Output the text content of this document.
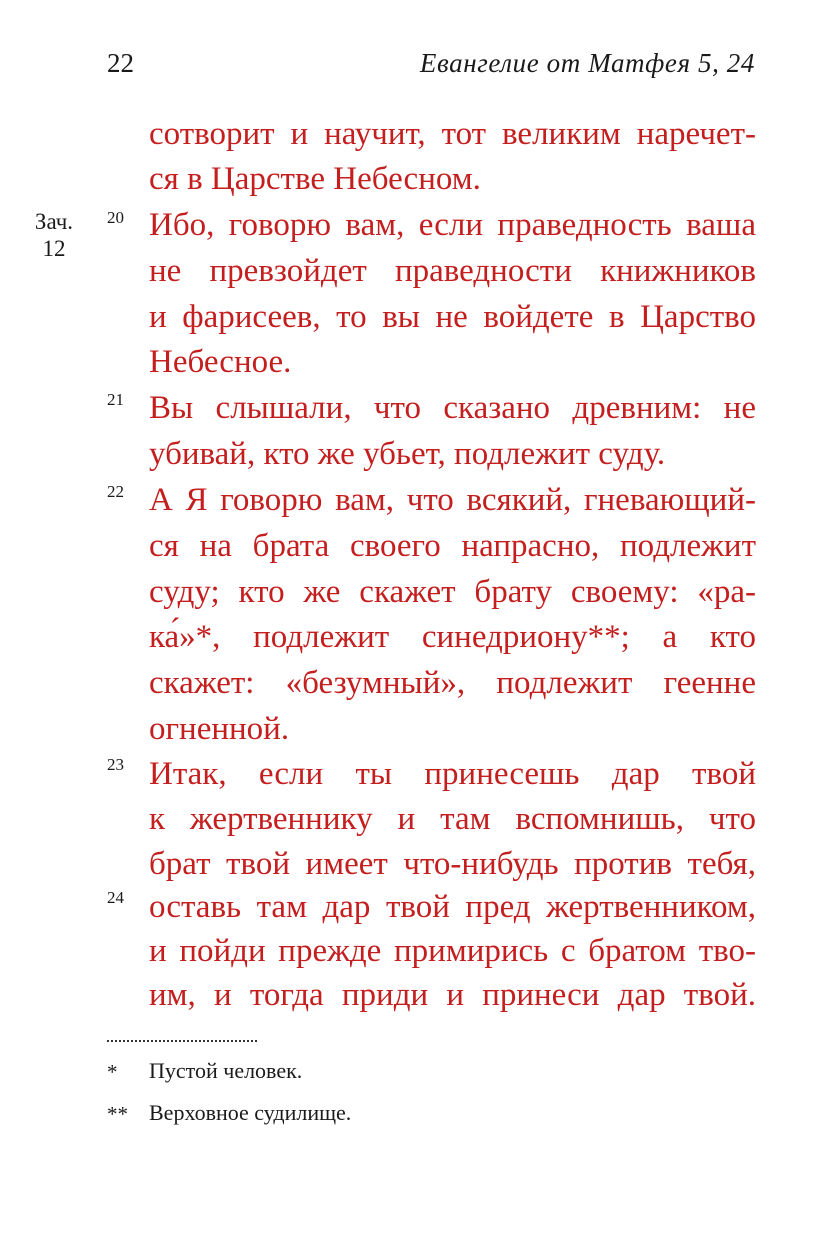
22	Евангелие от Матфея 5, 24
Зач.
12
20
21
22
23
24
сотворит и научит, тот великим наречет-
ся в Царстве Небесном.
Ибо, говорю вам, если праведность ваша
не превзойдет праведности книжников
и фарисеев, то вы не войдете в Царство
Небесное.
Вы слышали, что сказано древним: не
убивай, кто же убьет, подлежит суду.
А Я говорю вам, что всякий, гневающий-
ся на брата своего напрасно, подлежит
суду; кто же скажет брату своему: «ра-
ка́»*, подлежит синедриону**; а кто
скажет: «безумный», подлежит геенне
огненной.
Итак, если ты принесешь дар твой
к жертвеннику и там вспомнишь, что
брат твой имеет что-нибудь против тебя,
оставь там дар твой пред жертвенником,
и пойди прежде примирись с братом тво-
им, и тогда приди и принеси дар твой.
* Пустой человек.
** Верховное судилище.
